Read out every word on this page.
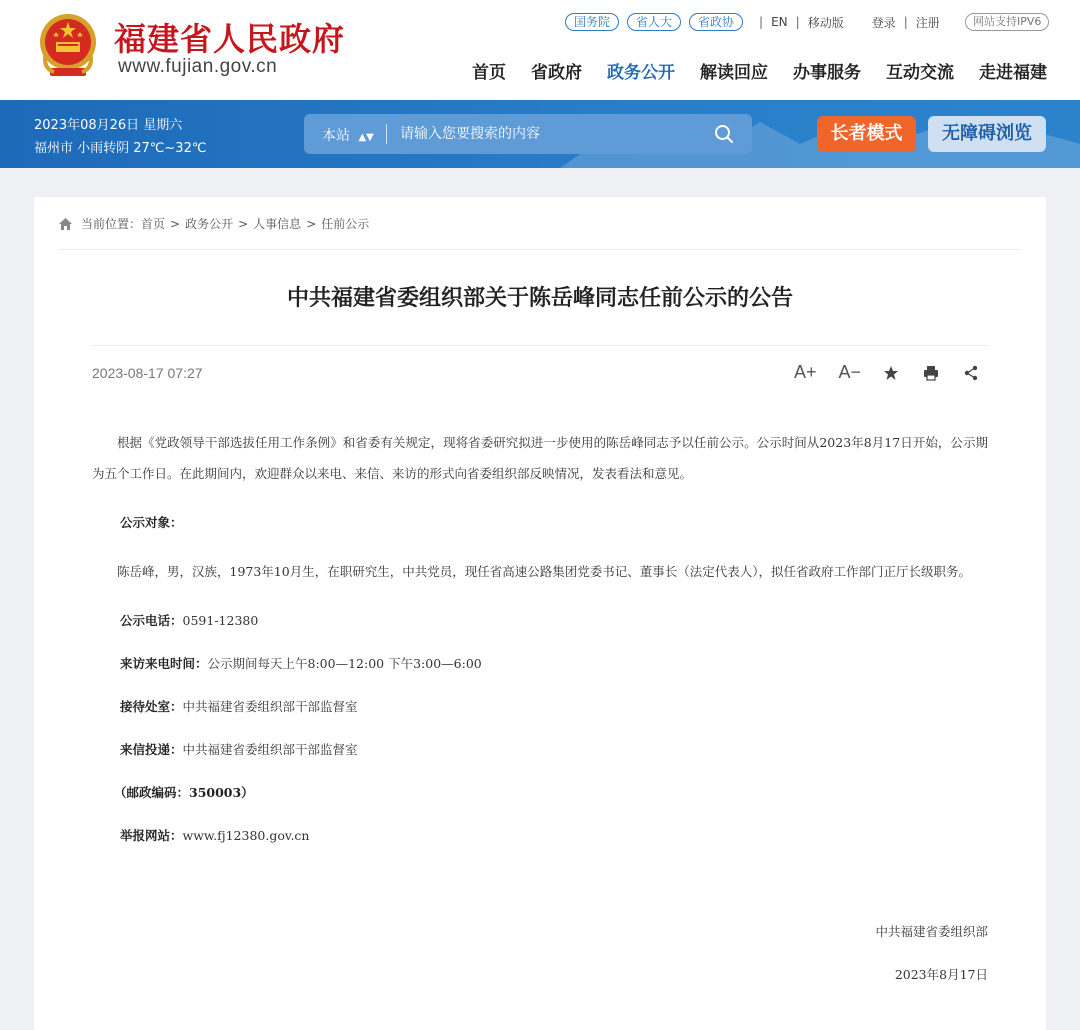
福建省人民政府
www.fujian.gov.cn
国务院	省人大	省政协	| EN | 移动版 登录 | 注册	网站支持IPV6
首页 省政府 政务公开 解读回应 办事服务 互动交流 走进福建
2023年08月26日 星期六
福州市 小雨转阴 27℃~32℃
本站 ▲▼
请输入您要搜索的内容	长者模式	无障碍浏览
当前位置： 首页 > 政务公开 > 人事信息 > 任前公示
中共福建省委组织部关于陈岳峰同志任前公示的公告
2023-08-17 07:27	A+ A−

根据《党政领导干部选拔任用工作条例》和省委有关规定，现将省委研究拟进一步使用的陈岳峰同志予以任前公示。公示时间从2023年8月17日开始，公示期为五个工作日。在此期间内，欢迎群众以来电、来信、来访的形式向省委组织部反映情况，发表看法和意见。

公示对象：

陈岳峰，男，汉族，1973年10月生，在职研究生，中共党员，现任省高速公路集团党委书记、董事长（法定代表人），拟任省政府工作部门正厅长级职务。

公示电话：0591-12380
来访来电时间：公示期间每天上午8:00—12:00 下午3:00—6:00
接待处室：中共福建省委组织部干部监督室
来信投递：中共福建省委组织部干部监督室
（邮政编码：350003）
举报网站：www.fj12380.gov.cn
中共福建省委组织部
2023年8月17日
